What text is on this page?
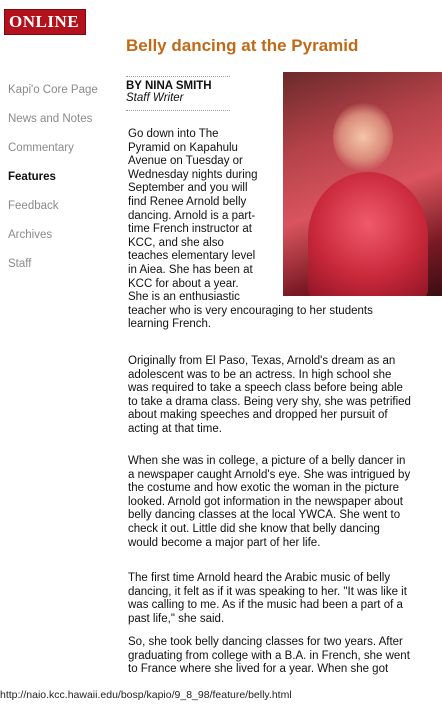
ONLINE
Kapi'o Core Page
News and Notes
Commentary
Features
Feedback
Archives
Staff
Belly dancing at the Pyramid
BY NINA SMITH
Staff Writer
Go down into The
Pyramid on Kapahulu
Avenue on Tuesday or
Wednesday nights during
September and you will
find Renee Arnold belly
dancing. Arnold is a part-
time French instructor at
KCC, and she also
teaches elementary level
in Aiea. She has been at
KCC for about a year.
She is an enthusiastic
teacher who is very encouraging to her students
learning French.
Originally from El Paso, Texas, Arnold's dream as an
adolescent was to be an actress. In high school she
was required to take a speech class before being able
to take a drama class. Being very shy, she was petrified
about making speeches and dropped her pursuit of
acting at that time.
When she was in college, a picture of a belly dancer in
a newspaper caught Arnold's eye. She was intrigued by
the costume and how exotic the woman in the picture
looked. Arnold got information in the newspaper about
belly dancing classes at the local YWCA. She went to
check it out. Little did she know that belly dancing
would become a major part of her life.
The first time Arnold heard the Arabic music of belly
dancing, it felt as if it was speaking to her. "It was like it
was calling to me. As if the music had been a part of a
past life," she said.
So, she took belly dancing classes for two years. After
graduating from college with a B.A. in French, she went
to France where she lived for a year. When she got
http://naio.kcc.hawaii.edu/bosp/kapio/9_8_98/feature/belly.html
